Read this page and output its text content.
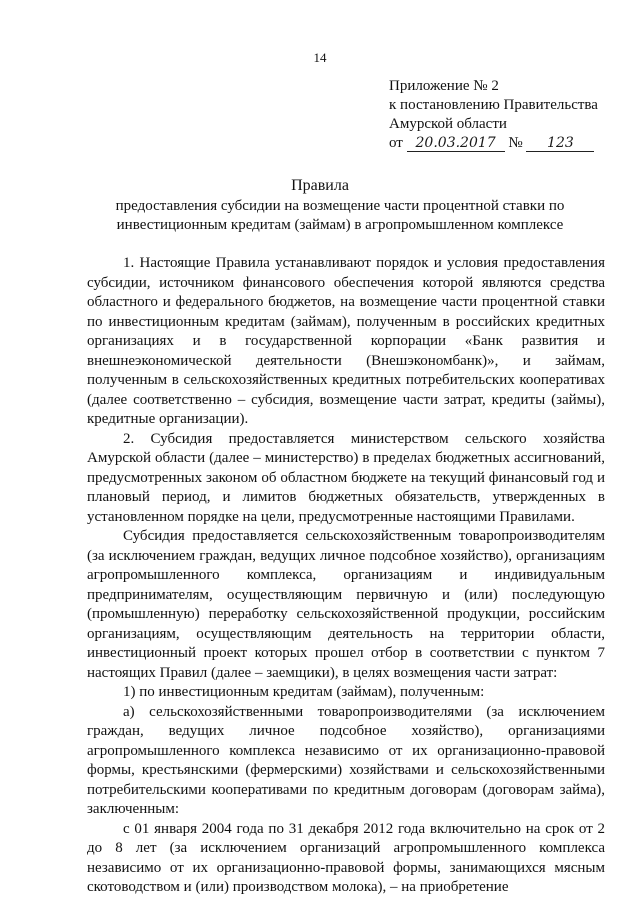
14
Приложение № 2
к постановлению Правительства
Амурской области
от 20.03.2017 № 123
Правила
предоставления субсидии на возмещение части процентной ставки по инвестиционным кредитам (займам) в агропромышленном комплексе

1. Настоящие Правила устанавливают порядок и условия предоставления субсидии, источником финансового обеспечения которой являются средства областного и федерального бюджетов, на возмещение части процентной ставки по инвестиционным кредитам (займам), полученным в российских кредитных организациях и в государственной корпорации «Банк развития и внешнеэкономической деятельности (Внешэкономбанк)», и займам, полученным в сельскохозяйственных кредитных потребительских кооперативах (далее соответственно – субсидия, возмещение части затрат, кредиты (займы), кредитные организации).

2. Субсидия предоставляется министерством сельского хозяйства Амурской области (далее – министерство) в пределах бюджетных ассигнований, предусмотренных законом об областном бюджете на текущий финансовый год и плановый период, и лимитов бюджетных обязательств, утвержденных в установленном порядке на цели, предусмотренные настоящими Правилами.

Субсидия предоставляется сельскохозяйственным товаропроизводителям (за исключением граждан, ведущих личное подсобное хозяйство), организациям агропромышленного комплекса, организациям и индивидуальным предпринимателям, осуществляющим первичную и (или) последующую (промышленную) переработку сельскохозяйственной продукции, российским организациям, осуществляющим деятельность на территории области, инвестиционный проект которых прошел отбор в соответствии с пунктом 7 настоящих Правил (далее – заемщики), в целях возмещения части затрат:

1) по инвестиционным кредитам (займам), полученным:

а) сельскохозяйственными товаропроизводителями (за исключением граждан, ведущих личное подсобное хозяйство), организациями агропромышленного комплекса независимо от их организационно-правовой формы, крестьянскими (фермерскими) хозяйствами и сельскохозяйственными потребительскими кооперативами по кредитным договорам (договорам займа), заключенным:

с 01 января 2004 года по 31 декабря 2012 года включительно на срок от 2 до 8 лет (за исключением организаций агропромышленного комплекса независимо от их организационно-правовой формы, занимающихся мясным скотоводством и (или) производством молока), – на приобретение
